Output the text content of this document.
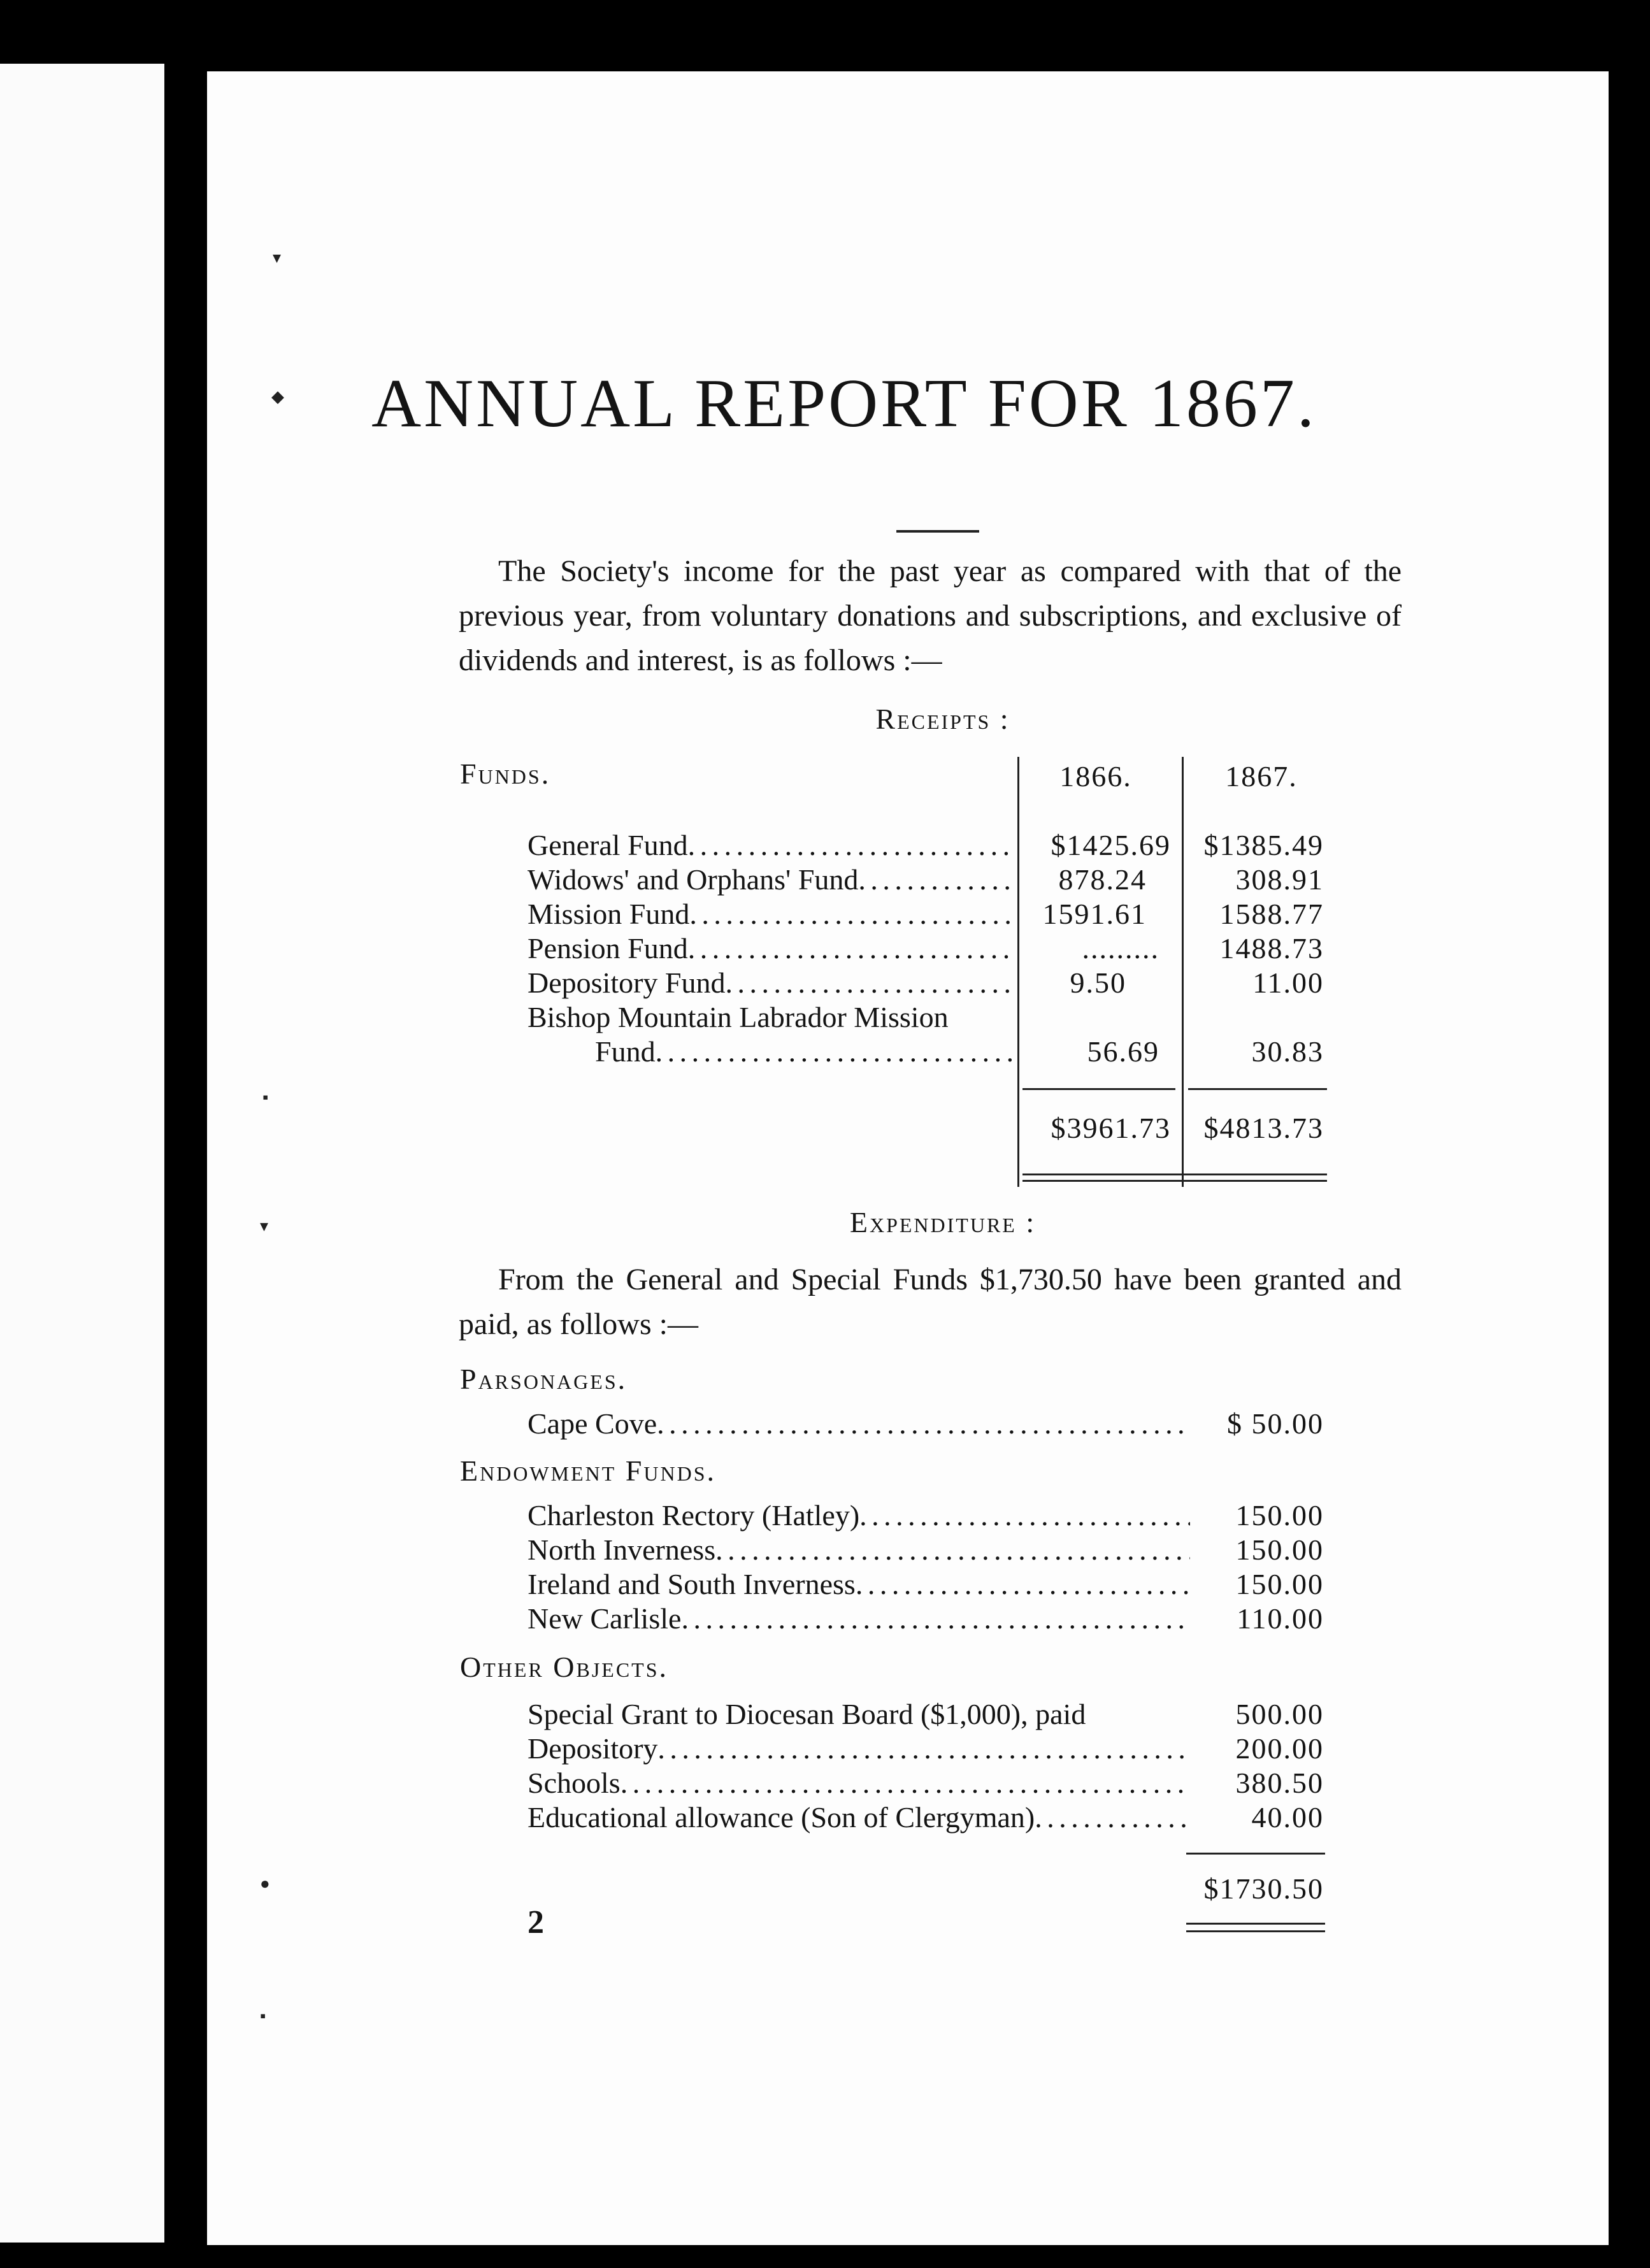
▾
◆
▪
▾
●
▪
ANNUAL REPORT FOR 1867.

The Society's income for the past year as compared with that of the previous year, from voluntary donations and subscriptions, and exclusive of dividends and interest, is as follows :—

Receipts :
Funds.	1866.	1867.
General Fund . . .	$1425.69	$1385.49
Widows' and Orphans' Fund . . .	878.24	308.91
Mission Fund . . .	1591.61	1588.77
Pension Fund . . .	.........	1488.73
Depository Fund . . .	9.50	11.00
Bishop Mountain Labrador Mission
Fund . . .	56.69	30.83
$3961.73	$4813.73
Expenditure :

From the General and Special Funds $1,730.50 have been granted and paid, as follows :—

Parsonages.
Cape Cove . . .	$ 50.00
Endowment Funds.
Charleston Rectory (Hatley) . . .	150.00
North Inverness . . .	150.00
Ireland and South Inverness . . .	150.00
New Carlisle . . .	110.00
Other Objects.
Special Grant to Diocesan Board ($1,000), paid	500.00
Depository . . .	200.00
Schools . . .	380.50
Educational allowance (Son of Clergyman) . . .	40.00
$1730.50
2
